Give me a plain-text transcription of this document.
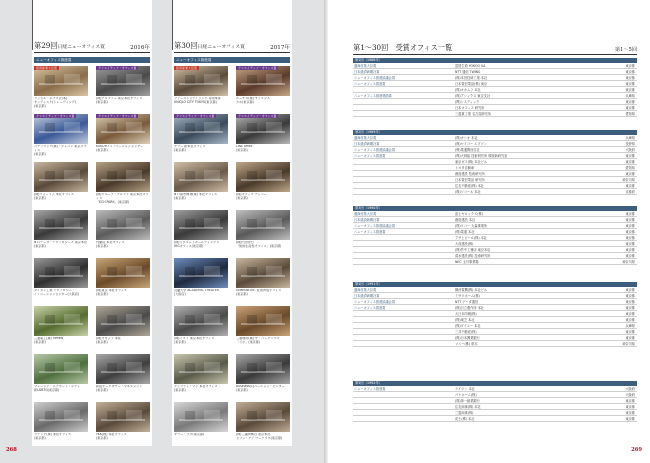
第29回日経ニューオフィス賞	2016年
ニューオフィス推進賞
第30回日経ニューオフィス賞	2017年
ニューオフィス推進賞
経済産業大臣賞
ラッセル・ホブス(日本)
サンディスク(トレーディング)
(東京都)
クリエイティブ・オフィス賞
(株)アルファー 東京本社オフィス
(東京都)
クリエイティブ・オフィス賞
パナソニック(株)・ジャパン 東京オフィス
(東京都)
クリエイティブ・オフィス賞
KOKUYO イノベーションセンター
(東京都)
(株)フォーラム 本社オフィス
(東京都)
(株)グルーブ・アルファ 東京本社オフィス
「ECH PARK」(東京都)
NTTデータ・テクノロジーズ 東京本社
(東京都)
内閣府 本社オフィス
(東京都)
ダイキン工業 テクノロジー・
イノベーションセンター(大阪府)
(株)東京 本社オフィス
(東京都)
三菱電工(株) nimeis
(東京都)
(株)オカムラ 本社
(東京都)
マレーシア・エアポート・シティ
新LGBTQ(東京都)
新宿オークタワー・マネジメント
(東京都)
ラテック(株) 本社オフィス
(東京都)
YKK(株) 本社オフィス
(東京都)
経済産業大臣賞
ファーストリテイリング 有明本部
UNIQLO CITY TOKYO(東京都)
クリエイティブ・オフィス賞
ホーチキ(株) サイエンス
カホ(東京都)
クリエイティブ・オフィス賞
ヤフー 新本社オフィス
(東京都)
クリエイティブ・オフィス賞
LINE office
(東京都)
NTT都市開発(株) 本社オフィス
(東京都)
(株)オフィス ナンバー
(東京都)
(株)リクルートホールディングス
IHGオフィス(東京都)
(株)内田洋行
「知的生産性オフィス」(東京都)
近畿大学 ACADEMIC THEATER
(大阪府)
Scientist Inc. 社員育成オフィス
(東京都)
(株)ミスミ 東京本社オフィス
(東京都)
三菱地所(株) ザ・パークハウス
「ラボ」(東京都)
アップティ・マン 本社オフィス
(東京都)
Business(1)ベーション・センター
(東京都)
サワー・ラボ(東京都)	(株)三越伊勢丹 東京本社
セブン・アイ ワークラボ(東京都)
268
第1〜30回　受賞オフィス一覧	第1〜5回
第1回（1988年）
通商産業大臣賞	富国生命 YOKOO SA	東京都
日本経済新聞社賞	NTT 通信 TWINS	東京都
ニューオフィス推進協議会賞	(株)本田技研工業 本社	東京都
ニューオフィス推進賞	日本電信電話(株) 東京	東京都
(株)オカムラ 本社	東京都
ニューオフィス推進奨励賞	(株)アシックス 東京支社	兵庫県
(株)シスディック	東京都
日本オフィス 研究所	東京都
三菱重工業 名古屋研究所	愛知県
第2回（1989年）
通商産業大臣賞	(株)カシオ 本社	兵庫県
日本経済新聞社賞	(株)セイコー エプソン	長野県
ニューオフィス推進協議会賞	(株)電通関西支社	大阪府
ニューオフィス推進賞	(株)大林組 技術研究所 環境新研究室	東京都
東京ガス(株) 本社ビル	東京都
トヨタ自動車	愛知県
鹿島建設 技術研究所	東京都
日本電信電話 研究所	神奈川県
住友不動産(株) 本社	東京都
(株)ワコール 本社	京都府
第3回（1990年）
通商産業大臣賞	富士ゼロックス(株)	東京都
日本経済新聞社賞	鹿島建設 本社	東京都
ニューオフィス推進協議会賞	(株)リコー 大森事業所	東京都
ニューオフィス推進賞	(株)電通 本社	東京都
アサヒビール(株) 本社	東京都
大成建設(株)	東京都
(株)竹中工務店 東京本店	東京都
清水建設(株) 技術研究所	東京都
NEC 玉川事業場	神奈川県
第4回（1991年）
通商産業大臣賞	横河電機(株) 本社ビル	東京都
日本経済新聞社賞	ミサワホーム(株)	東京都
ニューオフィス推進協議会賞	NTT データ通信	東京都
ニューオフィス推進賞	(株)日立製作所 本社	東京都
大日本印刷(株)	東京都
(株)東芝 本社	東京都
(株)ダイエー 本社	兵庫県
三井不動産(株)	東京都
(株)日本興業銀行	東京都
ソニー(株) 厚木	神奈川県
第5回（1992年）
ニューオフィス推進賞	テイジン 本社	大阪府
パナホーム(株)	大阪府
(株)第一勧業銀行	東京都
住友商事(株) 本社	東京都
三菱商事(株)	東京都
花王(株) 本社	東京都
269
